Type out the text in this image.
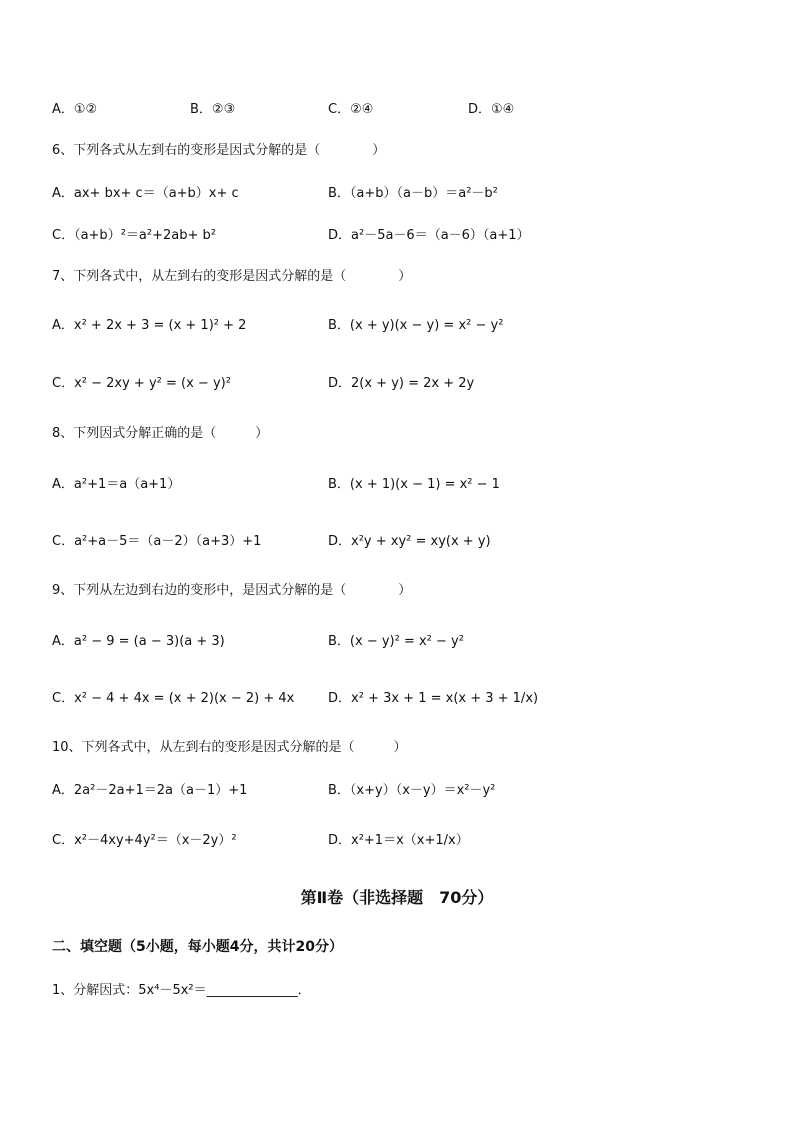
A．①②	B．②③	C．②④	D．①④
6、下列各式从左到右的变形是因式分解的是（　　　　）
A．ax+ bx+ c＝（a+b）x+ c	B．（a+b）（a－b）＝a²－b²
C．（a+b）²＝a²+2ab+ b²	D．a²－5a－6＝（a－6）（a+1）
7、下列各式中，从左到右的变形是因式分解的是（　　　　）
A．x² + 2x + 3 = (x + 1)² + 2	B．(x + y)(x − y) = x² − y²
C．x² − 2xy + y² = (x − y)²	D．2(x + y) = 2x + 2y
8、下列因式分解正确的是（　　　）
A．a²+1＝a（a+1）	B．(x + 1)(x − 1) = x² − 1
C．a²+a－5＝（a－2）（a+3）+1	D．x²y + xy² = xy(x + y)
9、下列从左边到右边的变形中，是因式分解的是（　　　　）
A．a² − 9 = (a − 3)(a + 3)	B．(x − y)² = x² − y²
C．x² − 4 + 4x = (x + 2)(x − 2) + 4x	D．x² + 3x + 1 = x(x + 3 + 1/x)
10、下列各式中，从左到右的变形是因式分解的是（　　　）
A．2a²－2a+1＝2a（a－1）+1	B．（x+y）（x－y）＝x²－y²
C．x²－4xy+4y²＝（x－2y）²	D．x²+1＝x（x+1/x）
第Ⅱ卷（非选择题　70分）
二、填空题（5小题，每小题4分，共计20分）
1、分解因式：5x⁴－5x²＝______________．
